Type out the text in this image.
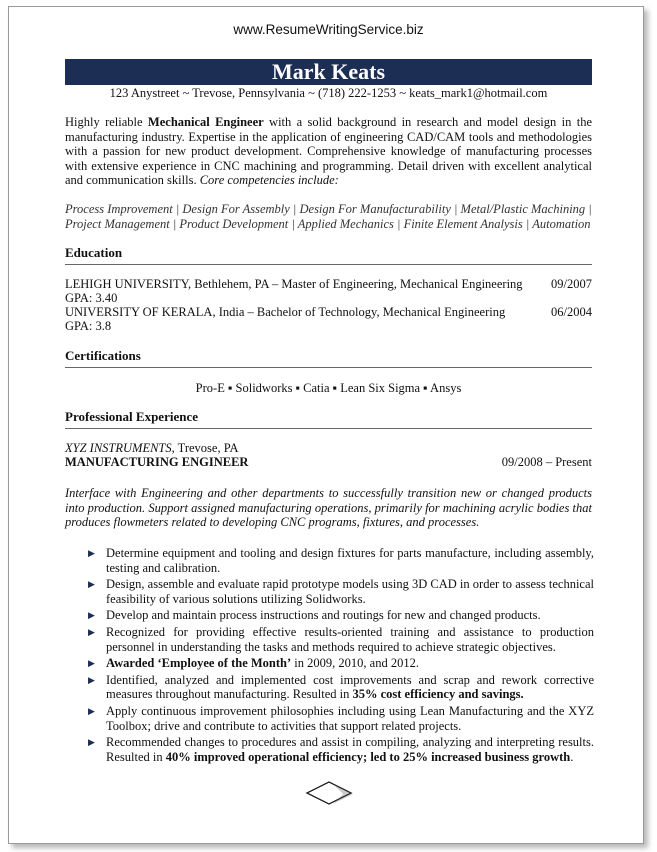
www.ResumeWritingService.biz
Mark Keats
123 Anystreet ~ Trevose, Pennsylvania ~ (718) 222-1253 ~ keats_mark1@hotmail.com
Highly reliable Mechanical Engineer with a solid background in research and model design in the manufacturing industry. Expertise in the application of engineering CAD/CAM tools and methodologies with a passion for new product development. Comprehensive knowledge of manufacturing processes with extensive experience in CNC machining and programming. Detail driven with excellent analytical and communication skills. Core competencies include:
Process Improvement | Design For Assembly | Design For Manufacturability | Metal/Plastic Machining | Project Management | Product Development | Applied Mechanics | Finite Element Analysis | Automation
Education
LEHIGH UNIVERSITY, Bethlehem, PA – Master of Engineering, Mechanical Engineering 09/2007
GPA: 3.40
UNIVERSITY OF KERALA, India – Bachelor of Technology, Mechanical Engineering	06/2004
GPA: 3.8
Certifications
Pro-E ▪ Solidworks ▪ Catia ▪ Lean Six Sigma ▪ Ansys
Professional Experience
XYZ INSTRUMENTS, Trevose, PA
MANUFACTURING ENGINEER	09/2008 – Present
Interface with Engineering and other departments to successfully transition new or changed products into production. Support assigned manufacturing operations, primarily for machining acrylic bodies that produces flowmeters related to developing CNC programs, fixtures, and processes.
▶ Determine equipment and tooling and design fixtures for parts manufacture, including assembly, testing and calibration.
▶ Design, assemble and evaluate rapid prototype models using 3D CAD in order to assess technical feasibility of various solutions utilizing Solidworks.
▶ Develop and maintain process instructions and routings for new and changed products.
▶ Recognized for providing effective results-oriented training and assistance to production personnel in understanding the tasks and methods required to achieve strategic objectives.
▶ Awarded ‘Employee of the Month’ in 2009, 2010, and 2012.
▶ Identified, analyzed and implemented cost improvements and scrap and rework corrective measures throughout manufacturing. Resulted in 35% cost efficiency and savings.
▶ Apply continuous improvement philosophies including using Lean Manufacturing and the XYZ Toolbox; drive and contribute to activities that support related projects.
▶ Recommended changes to procedures and assist in compiling, analyzing and interpreting results. Resulted in 40% improved operational efficiency; led to 25% increased business growth.
